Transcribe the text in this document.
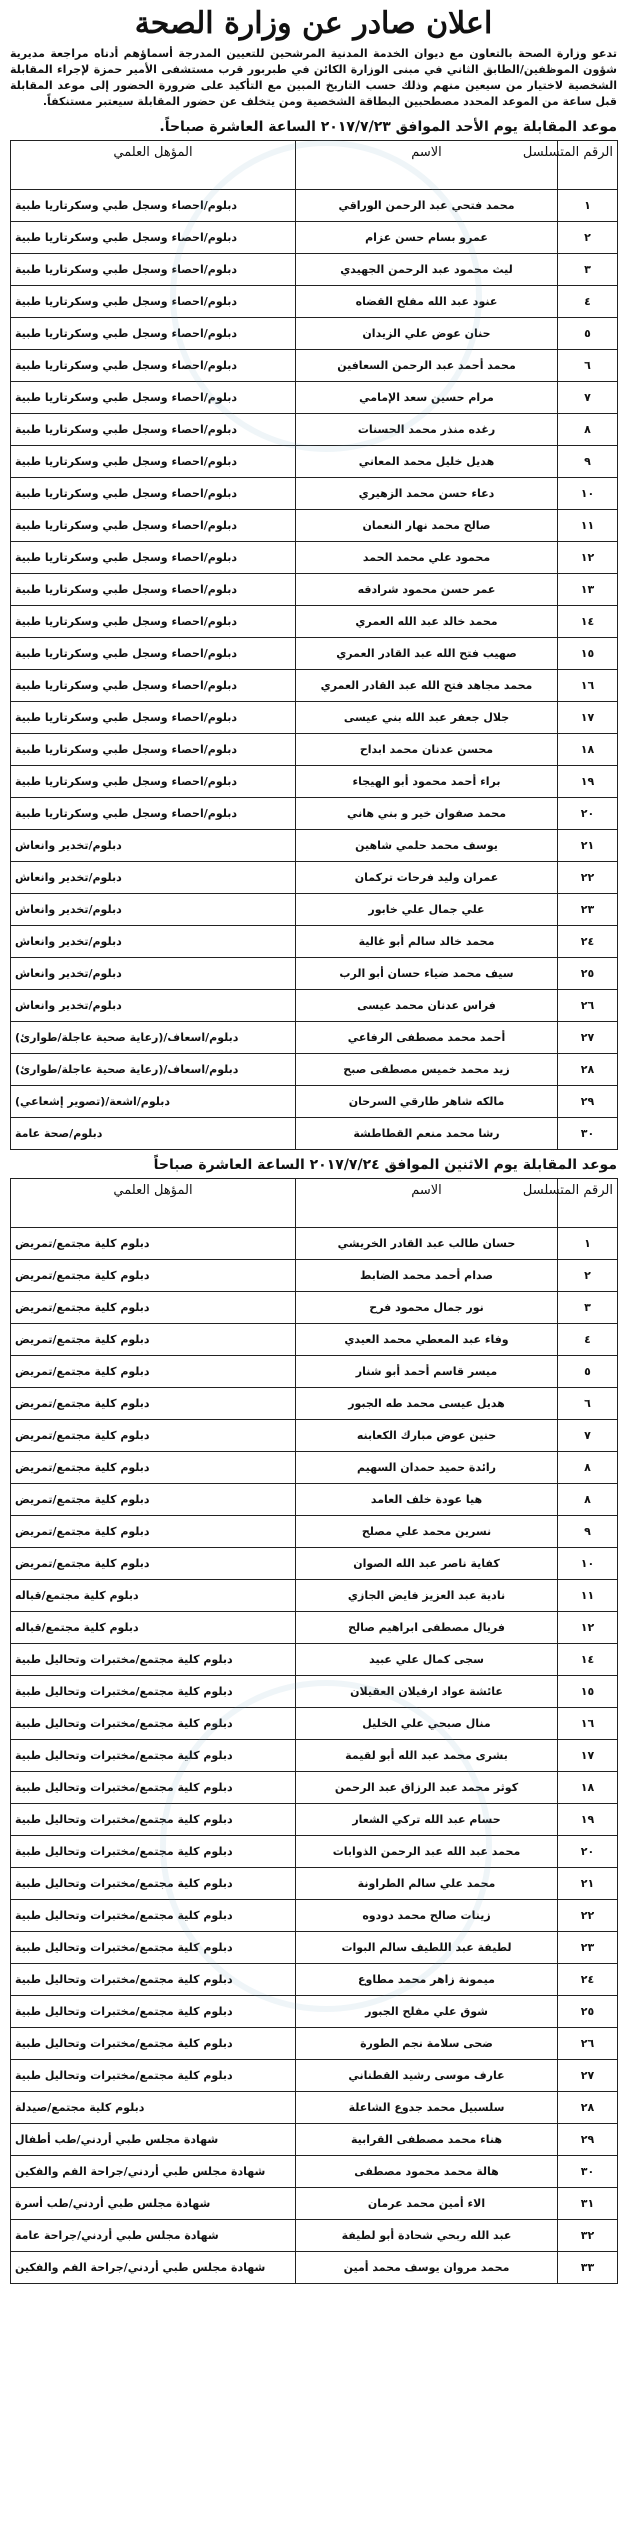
اعلان صادر عن وزارة الصحة
تدعو وزارة الصحة بالتعاون مع ديوان الخدمة المدنية المرشحين للتعيين المدرجة أسماؤهم أدناه مراجعة مديرية شؤون الموظفين/الطابق الثاني في مبنى الوزارة الكائن في طبربور قرب مستشفى الأمير حمزة لإجراء المقابلة الشخصية لاختيار من سيعين منهم وذلك حسب التاريخ المبين مع التأكيد على ضرورة الحضور إلى موعد المقابلة قبل ساعة من الموعد المحدد مصطحبين البطاقة الشخصية ومن يتخلف عن حضور المقابلة سيعتبر مستنكفاً.
موعد المقابلة يوم الأحد الموافق ٢٠١٧/٧/٢٣ الساعة العاشرة صباحاً.
الرقم المتسلسل	الاسم	المؤهل العلمي
١	محمد فتحي عبد الرحمن الوراقي	دبلوم/احصاء وسجل طبي وسكرتاريا طبية
٢	عمرو بسام حسن عزام	دبلوم/احصاء وسجل طبي وسكرتاريا طبية
٣	ليث محمود عبد الرحمن الجهيدي	دبلوم/احصاء وسجل طبي وسكرتاريا طبية
٤	عنود عبد الله مفلح القضاه	دبلوم/احصاء وسجل طبي وسكرتاريا طبية
٥	حنان عوض علي الزيدان	دبلوم/احصاء وسجل طبي وسكرتاريا طبية
٦	محمد أحمد عبد الرحمن السعافين	دبلوم/احصاء وسجل طبي وسكرتاريا طبية
٧	مرام حسين سعد الإمامي	دبلوم/احصاء وسجل طبي وسكرتاريا طبية
٨	رغده منذر محمد الحسنات	دبلوم/احصاء وسجل طبي وسكرتاريا طبية
٩	هديل خليل محمد المعاني	دبلوم/احصاء وسجل طبي وسكرتاريا طبية
١٠	دعاء حسن محمد الزهيري	دبلوم/احصاء وسجل طبي وسكرتاريا طبية
١١	صالح محمد نهار النعمان	دبلوم/احصاء وسجل طبي وسكرتاريا طبية
١٢	محمود علي محمد الحمد	دبلوم/احصاء وسجل طبي وسكرتاريا طبية
١٣	عمر حسن محمود شرادقه	دبلوم/احصاء وسجل طبي وسكرتاريا طبية
١٤	محمد خالد عبد الله العمري	دبلوم/احصاء وسجل طبي وسكرتاريا طبية
١٥	صهيب فتح الله عبد القادر العمري	دبلوم/احصاء وسجل طبي وسكرتاريا طبية
١٦	محمد مجاهد فتح الله عبد القادر العمري	دبلوم/احصاء وسجل طبي وسكرتاريا طبية
١٧	جلال جعفر عبد الله بني عيسى	دبلوم/احصاء وسجل طبي وسكرتاريا طبية
١٨	محسن عدنان محمد ابداح	دبلوم/احصاء وسجل طبي وسكرتاريا طبية
١٩	براء أحمد محمود أبو الهيجاء	دبلوم/احصاء وسجل طبي وسكرتاريا طبية
٢٠	محمد صفوان خير و بني هاني	دبلوم/احصاء وسجل طبي وسكرتاريا طبية
٢١	يوسف محمد حلمي شاهين	دبلوم/تخدير وانعاش
٢٢	عمران وليد فرحات تركمان	دبلوم/تخدير وانعاش
٢٣	علي جمال علي خابور	دبلوم/تخدير وانعاش
٢٤	محمد خالد سالم أبو غالية	دبلوم/تخدير وانعاش
٢٥	سيف محمد ضياء حسان أبو الرب	دبلوم/تخدير وانعاش
٢٦	فراس عدنان محمد عيسى	دبلوم/تخدير وانعاش
٢٧	أحمد محمد مصطفى الرفاعي	دبلوم/اسعاف/(رعاية صحية عاجلة/طوارئ)
٢٨	زيد محمد خميس مصطفى صبح	دبلوم/اسعاف/(رعاية صحية عاجلة/طوارئ)
٢٩	مالكه شاهر طارقي السرحان	دبلوم/اشعة/(تصوير إشعاعي)
٣٠	رشا محمد منعم القطاطشة	دبلوم/صحة عامة
موعد المقابلة يوم الاثنين الموافق ٢٠١٧/٧/٢٤ الساعة العاشرة صباحاً
الرقم المتسلسل	الاسم	المؤهل العلمي
١	حسان طالب عبد القادر الخريشي	دبلوم كلية مجتمع/تمريض
٢	صدام أحمد محمد الضابط	دبلوم كلية مجتمع/تمريض
٣	نور جمال محمود فرح	دبلوم كلية مجتمع/تمريض
٤	وفاء عبد المعطي محمد العيدي	دبلوم كلية مجتمع/تمريض
٥	ميسر قاسم أحمد أبو شنار	دبلوم كلية مجتمع/تمريض
٦	هديل عيسى محمد طه الجبور	دبلوم كلية مجتمع/تمريض
٧	حنين عوض مبارك الكعابنه	دبلوم كلية مجتمع/تمريض
٨	رائدة حميد حمدان السهيم	دبلوم كلية مجتمع/تمريض
٨	هيا عودة خلف العامد	دبلوم كلية مجتمع/تمريض
٩	نسرين محمد علي مصلح	دبلوم كلية مجتمع/تمريض
١٠	كفاية ناصر عبد الله الصوان	دبلوم كلية مجتمع/تمريض
١١	نادية عبد العزيز فايض الجازي	دبلوم كلية مجتمع/قباله
١٢	فريال مصطفى ابراهيم صالح	دبلوم كلية مجتمع/قباله
١٤	سجى كمال علي عبيد	دبلوم كلية مجتمع/مختبرات وتحاليل طبية
١٥	عائشة عواد ارفيلان العقيلان	دبلوم كلية مجتمع/مختبرات وتحاليل طبية
١٦	منال صبحي علي الخليل	دبلوم كلية مجتمع/مختبرات وتحاليل طبية
١٧	بشرى محمد عبد الله أبو لقيمة	دبلوم كلية مجتمع/مختبرات وتحاليل طبية
١٨	كوثر محمد عبد الرزاق عبد الرحمن	دبلوم كلية مجتمع/مختبرات وتحاليل طبية
١٩	حسام عبد الله تركي الشعار	دبلوم كلية مجتمع/مختبرات وتحاليل طبية
٢٠	محمد عبد الله عبد الرحمن الذوابات	دبلوم كلية مجتمع/مختبرات وتحاليل طبية
٢١	محمد علي سالم الطراونة	دبلوم كلية مجتمع/مختبرات وتحاليل طبية
٢٢	زينات صالح محمد دودوه	دبلوم كلية مجتمع/مختبرات وتحاليل طبية
٢٣	لطيفة عبد اللطيف سالم البوات	دبلوم كلية مجتمع/مختبرات وتحاليل طبية
٢٤	ميمونة زاهر محمد مطاوع	دبلوم كلية مجتمع/مختبرات وتحاليل طبية
٢٥	شوق علي مفلح الجبور	دبلوم كلية مجتمع/مختبرات وتحاليل طبية
٢٦	ضحى سلامة نجم الطورة	دبلوم كلية مجتمع/مختبرات وتحاليل طبية
٢٧	عارف موسى رشيد القطناني	دبلوم كلية مجتمع/مختبرات وتحاليل طبية
٢٨	سلسبيل محمد جدوع الشاعلة	دبلوم كلية مجتمع/صيدلة
٢٩	هناء محمد مصطفى القرابية	شهادة مجلس طبي أردني/طب أطفال
٣٠	هالة محمد محمود مصطفى	شهادة مجلس طبي أردني/جراحة الفم والفكين
٣١	الاء أمين محمد عرمان	شهادة مجلس طبي أردني/طب أسرة
٣٢	عبد الله ربحي شحادة أبو لطيفة	شهادة مجلس طبي أردني/جراحة عامة
٣٣	محمد مروان يوسف محمد أمين	شهادة مجلس طبي أردني/جراحة الفم والفكين
